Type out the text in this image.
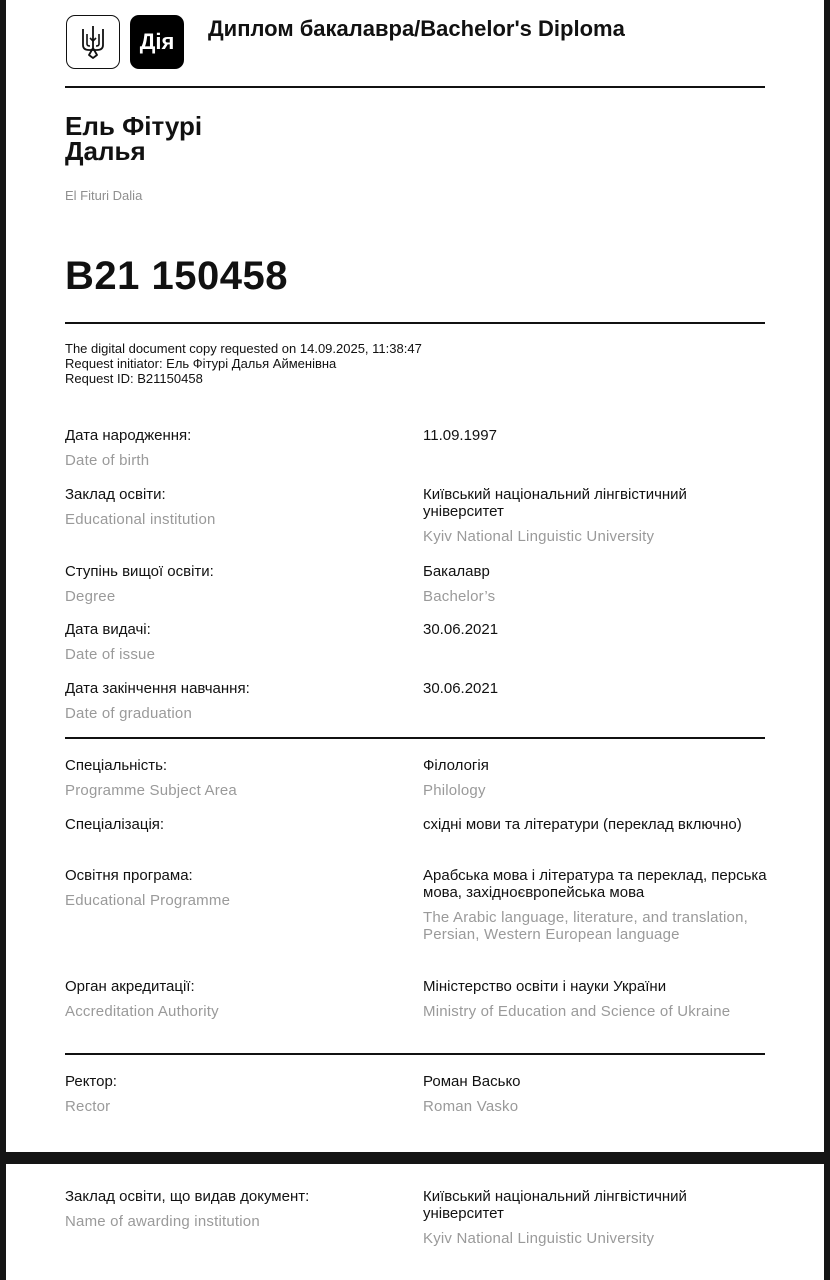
Дія
Диплом бакалавра/Bachelor's Diploma
Ель Фітурі
Далья
El Fituri Dalia
B21 150458
The digital document copy requested on 14.09.2025, 11:38:47
Request initiator: Ель Фітурі Далья Айменівна
Request ID: B21150458
Дата народження:
Date of birth
11.09.1997
Заклад освіти:
Educational institution
Київський національний лінгвістичний університет
Kyiv National Linguistic University
Ступінь вищої освіти:
Degree
Бакалавр
Bachelor’s
Дата видачі:
Date of issue
30.06.2021
Дата закінчення навчання:
Date of graduation
30.06.2021
Спеціальність:
Programme Subject Area
Філологія
Philology
Спеціалізація:	східні мови та літератури (переклад включно)
Освітня програма:
Educational Programme
Арабська мова і література та переклад, перська мова, західноєвропейська мова
The Arabic language, literature, and translation, Persian, Western European language
Орган акредитації:
Accreditation Authority
Міністерство освіти і науки України
Ministry of Education and Science of Ukraine
Ректор:
Rector
Роман Васько
Roman Vasko
Заклад освіти, що видав документ:
Name of awarding institution
Київський національний лінгвістичний університет
Kyiv National Linguistic University
